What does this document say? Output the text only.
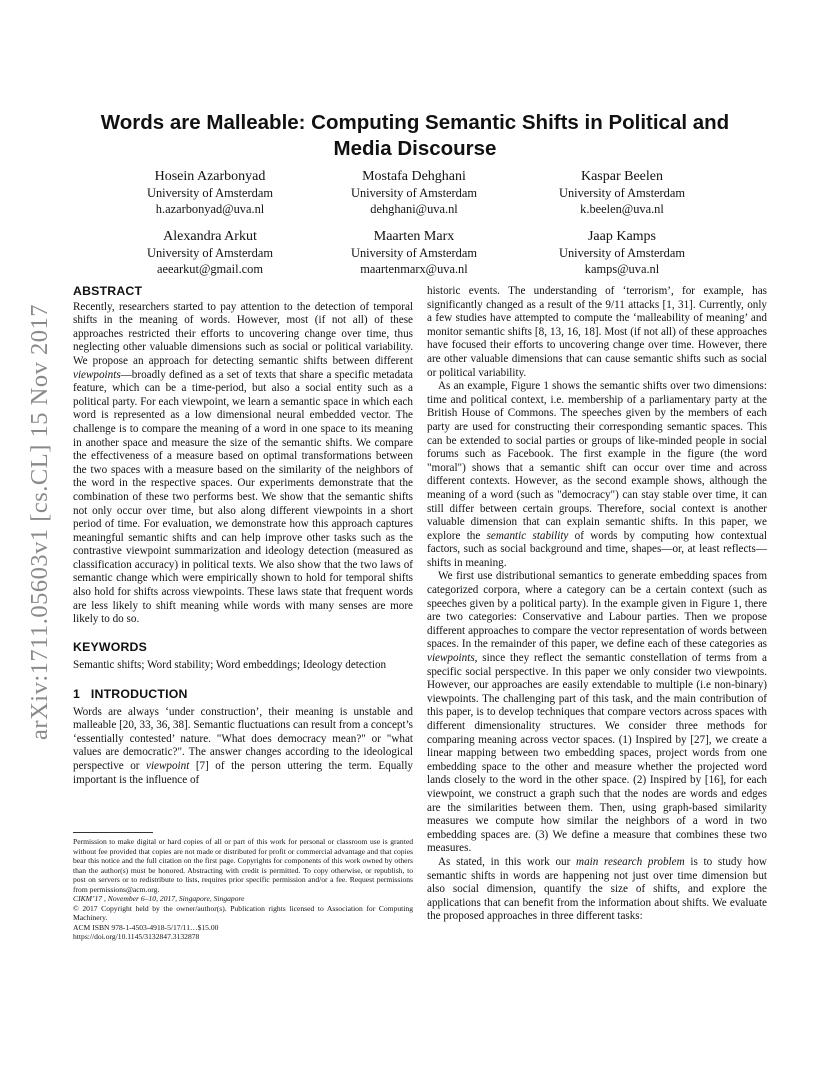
arXiv:1711.05603v1 [cs.CL] 15 Nov 2017
Words are Malleable: Computing Semantic Shifts in Political and Media Discourse
Hosein Azarbonyad
University of Amsterdam
h.azarbonyad@uva.nl
Mostafa Dehghani
University of Amsterdam
dehghani@uva.nl
Kaspar Beelen
University of Amsterdam
k.beelen@uva.nl
Alexandra Arkut
University of Amsterdam
aeearkut@gmail.com
Maarten Marx
University of Amsterdam
maartenmarx@uva.nl
Jaap Kamps
University of Amsterdam
kamps@uva.nl
ABSTRACT

Recently, researchers started to pay attention to the detection of temporal shifts in the meaning of words. However, most (if not all) of these approaches restricted their efforts to uncovering change over time, thus neglecting other valuable dimensions such as social or political variability. We propose an approach for detecting semantic shifts between different viewpoints—broadly defined as a set of texts that share a specific metadata feature, which can be a time-period, but also a social entity such as a political party. For each viewpoint, we learn a semantic space in which each word is represented as a low dimensional neural embedded vector. The challenge is to compare the meaning of a word in one space to its meaning in another space and measure the size of the semantic shifts. We compare the effectiveness of a measure based on optimal transformations between the two spaces with a measure based on the similarity of the neighbors of the word in the respective spaces. Our experiments demonstrate that the combination of these two performs best. We show that the semantic shifts not only occur over time, but also along different viewpoints in a short period of time. For evaluation, we demonstrate how this approach captures meaningful semantic shifts and can help improve other tasks such as the contrastive viewpoint summarization and ideology detection (measured as classification accuracy) in political texts. We also show that the two laws of semantic change which were empirically shown to hold for temporal shifts also hold for shifts across viewpoints. These laws state that frequent words are less likely to shift meaning while words with many senses are more likely to do so.

KEYWORDS

Semantic shifts; Word stability; Word embeddings; Ideology detection

1   INTRODUCTION

Words are always ‘under construction’, their meaning is unstable and malleable [20, 33, 36, 38]. Semantic fluctuations can result from a concept’s ‘essentially contested’ nature. "What does democracy mean?" or "what values are democratic?". The answer changes according to the ideological perspective or viewpoint [7] of the person uttering the term. Equally important is the influence of

Permission to make digital or hard copies of all or part of this work for personal or classroom use is granted without fee provided that copies are not made or distributed for profit or commercial advantage and that copies bear this notice and the full citation on the first page. Copyrights for components of this work owned by others than the author(s) must be honored. Abstracting with credit is permitted. To copy otherwise, or republish, to post on servers or to redistribute to lists, requires prior specific permission and/or a fee. Request permissions from permissions@acm.org.

CIKM’17 , November 6–10, 2017, Singapore, Singapore

© 2017 Copyright held by the owner/author(s). Publication rights licensed to Association for Computing Machinery.

ACM ISBN 978-1-4503-4918-5/17/11…$15.00

https://doi.org/10.1145/3132847.3132878

historic events. The understanding of ‘terrorism’, for example, has significantly changed as a result of the 9/11 attacks [1, 31]. Currently, only a few studies have attempted to compute the ‘malleability of meaning’ and monitor semantic shifts [8, 13, 16, 18]. Most (if not all) of these approaches have focused their efforts to uncovering change over time. However, there are other valuable dimensions that can cause semantic shifts such as social or political variability.

As an example, Figure 1 shows the semantic shifts over two dimensions: time and political context, i.e. membership of a parliamentary party at the British House of Commons. The speeches given by the members of each party are used for constructing their corresponding semantic spaces. This can be extended to social parties or groups of like-minded people in social forums such as Facebook. The first example in the figure (the word "moral") shows that a semantic shift can occur over time and across different contexts. However, as the second example shows, although the meaning of a word (such as "democracy") can stay stable over time, it can still differ between certain groups. Therefore, social context is another valuable dimension that can explain semantic shifts. In this paper, we explore the semantic stability of words by computing how contextual factors, such as social background and time, shapes—or, at least reflects—shifts in meaning.

We first use distributional semantics to generate embedding spaces from categorized corpora, where a category can be a certain context (such as speeches given by a political party). In the example given in Figure 1, there are two categories: Conservative and Labour parties. Then we propose different approaches to compare the vector representation of words between spaces. In the remainder of this paper, we define each of these categories as viewpoints, since they reflect the semantic constellation of terms from a specific social perspective. In this paper we only consider two viewpoints. However, our approaches are easily extendable to multiple (i.e non-binary) viewpoints. The challenging part of this task, and the main contribution of this paper, is to develop techniques that compare vectors across spaces with different dimensionality structures. We consider three methods for comparing meaning across vector spaces. (1) Inspired by [27], we create a linear mapping between two embedding spaces, project words from one embedding space to the other and measure whether the projected word lands closely to the word in the other space. (2) Inspired by [16], for each viewpoint, we construct a graph such that the nodes are words and edges are the similarities between them. Then, using graph-based similarity measures we compute how similar the neighbors of a word in two embedding spaces are. (3) We define a measure that combines these two measures.

As stated, in this work our main research problem is to study how semantic shifts in words are happening not just over time dimension but also social dimension, quantify the size of shifts, and explore the applications that can benefit from the information about shifts. We evaluate the proposed approaches in three different tasks:
